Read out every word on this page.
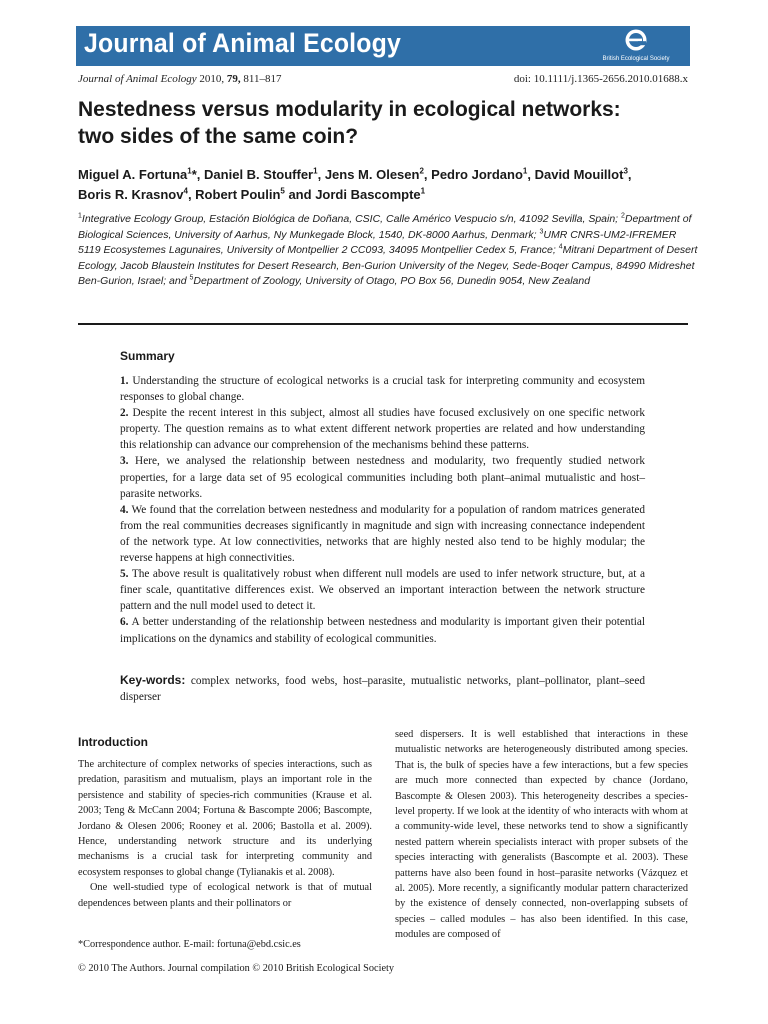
Journal of Animal Ecology
British Ecological Society
Journal of Animal Ecology 2010, 79, 811–817	doi: 10.1111/j.1365-2656.2010.01688.x
Nestedness versus modularity in ecological networks:
two sides of the same coin?
Miguel A. Fortuna$^1$*, Daniel B. Stouffer$^1$, Jens M. Olesen$^2$, Pedro Jordano$^1$, David Mouillot$^3$,
Boris R. Krasnov$^4$, Robert Poulin$^5$ and Jordi Bascompte$^1$
$^1$Integrative Ecology Group, Estación Biológica de Doñana, CSIC, Calle Américo Vespucio s/n, 41092 Sevilla, Spain; $^2$Department of Biological Sciences, University of Aarhus, Ny Munkegade Block, 1540, DK-8000 Aarhus, Denmark; $^3$UMR CNRS-UM2-IFREMER 5119 Ecosystemes Lagunaires, University of Montpellier 2 CC093, 34095 Montpellier Cedex 5, France; $^4$Mitrani Department of Desert Ecology, Jacob Blaustein Institutes for Desert Research, Ben-Gurion University of the Negev, Sede-Boqer Campus, 84990 Midreshet Ben-Gurion, Israel; and $^5$Department of Zoology, University of Otago, PO Box 56, Dunedin 9054, New Zealand
Summary

1. Understanding the structure of ecological networks is a crucial task for interpreting community and ecosystem responses to global change.

2. Despite the recent interest in this subject, almost all studies have focused exclusively on one specific network property. The question remains as to what extent different network properties are related and how understanding this relationship can advance our comprehension of the mechanisms behind these patterns.

3. Here, we analysed the relationship between nestedness and modularity, two frequently studied network properties, for a large data set of 95 ecological communities including both plant–animal mutualistic and host–parasite networks.

4. We found that the correlation between nestedness and modularity for a population of random matrices generated from the real communities decreases significantly in magnitude and sign with increasing connectance independent of the network type. At low connectivities, networks that are highly nested also tend to be highly modular; the reverse happens at high connectivities.

5. The above result is qualitatively robust when different null models are used to infer network structure, but, at a finer scale, quantitative differences exist. We observed an important interaction between the network structure pattern and the null model used to detect it.

6. A better understanding of the relationship between nestedness and modularity is important given their potential implications on the dynamics and stability of ecological communities.

Key-words: complex networks, food webs, host–parasite, mutualistic networks, plant–pollinator, plant–seed disperser
Introduction

The architecture of complex networks of species interactions, such as predation, parasitism and mutualism, plays an important role in the persistence and stability of species-rich communities (Krause et al. 2003; Teng & McCann 2004; Fortuna & Bascompte 2006; Bascompte, Jordano & Olesen 2006; Rooney et al. 2006; Bastolla et al. 2009). Hence, understanding network structure and its underlying mechanisms is a crucial task for interpreting community and ecosystem responses to global change (Tylianakis et al. 2008).

One well-studied type of ecological network is that of mutual dependences between plants and their pollinators or

seed dispersers. It is well established that interactions in these mutualistic networks are heterogeneously distributed among species. That is, the bulk of species have a few interactions, but a few species are much more connected than expected by chance (Jordano, Bascompte & Olesen 2003). This heterogeneity describes a species-level property. If we look at the identity of who interacts with whom at a community-wide level, these networks tend to show a significantly nested pattern wherein specialists interact with proper subsets of the species interacting with generalists (Bascompte et al. 2003). These patterns have also been found in host–parasite networks (Vázquez et al. 2005). More recently, a significantly modular pattern characterized by the existence of densely connected, non-overlapping subsets of species – called modules – has also been identified. In this case, modules are composed of

*Correspondence author. E-mail: fortuna@ebd.csic.es
© 2010 The Authors. Journal compilation © 2010 British Ecological Society
